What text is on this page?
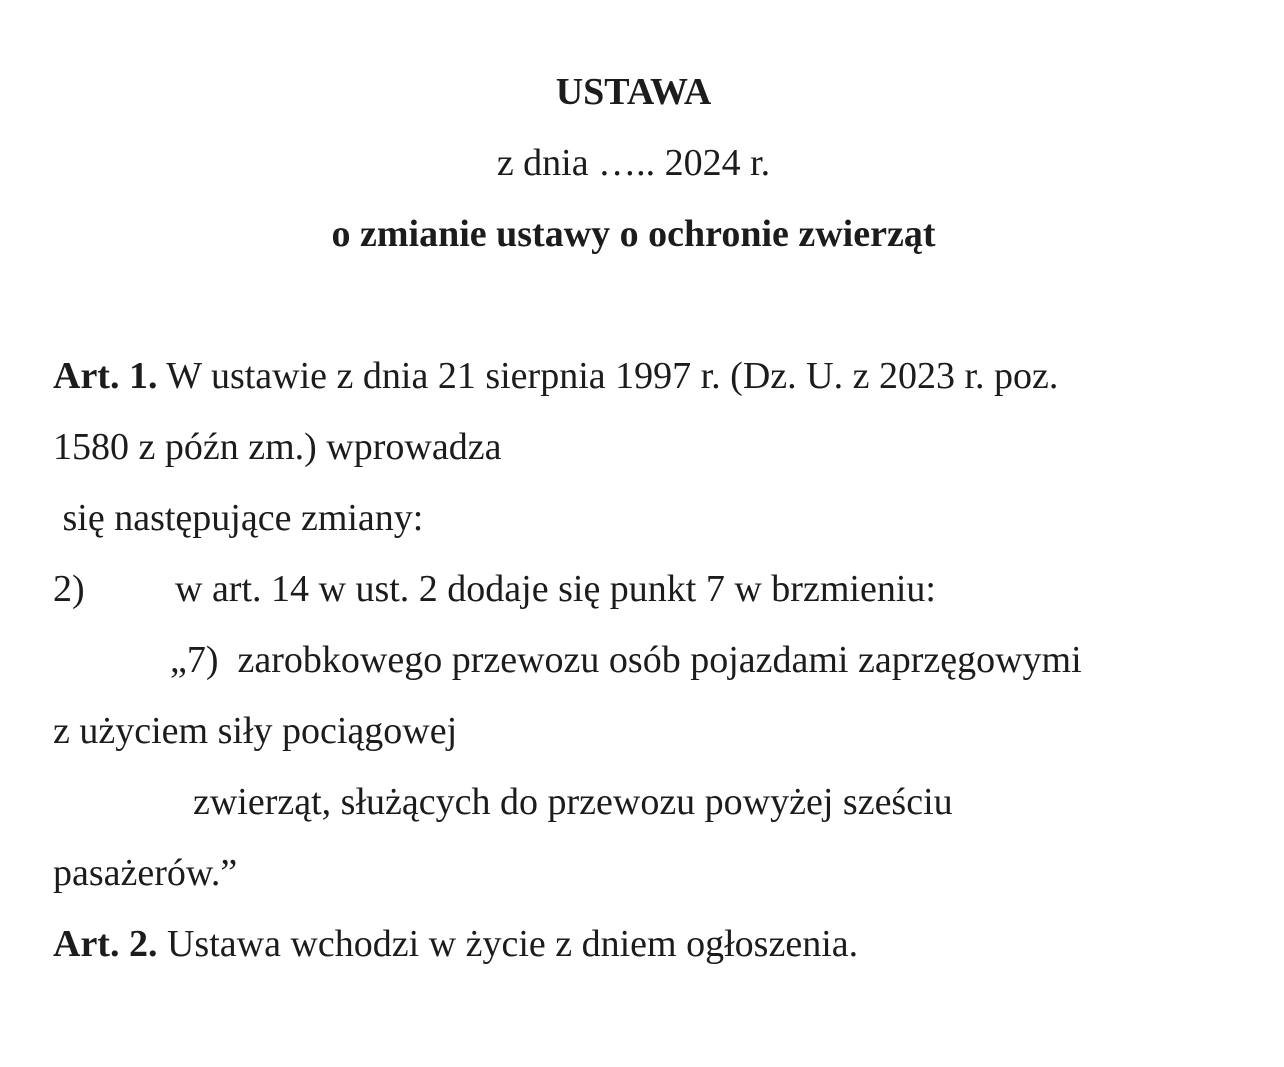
USTAWA
z dnia ….. 2024 r.
o zmianie ustawy o ochronie zwierząt
Art. 1. W ustawie z dnia 21 sierpnia 1997 r. (Dz. U. z 2023 r. poz.
1580 z późn zm.) wprowadza
się następujące zmiany:
2) w art. 14 w ust. 2 dodaje się punkt 7 w brzmieniu:
„7)  zarobkowego przewozu osób pojazdami zaprzęgowymi
z użyciem siły pociągowej
zwierząt, służących do przewozu powyżej sześciu
pasażerów.”
Art. 2. Ustawa wchodzi w życie z dniem ogłoszenia.
